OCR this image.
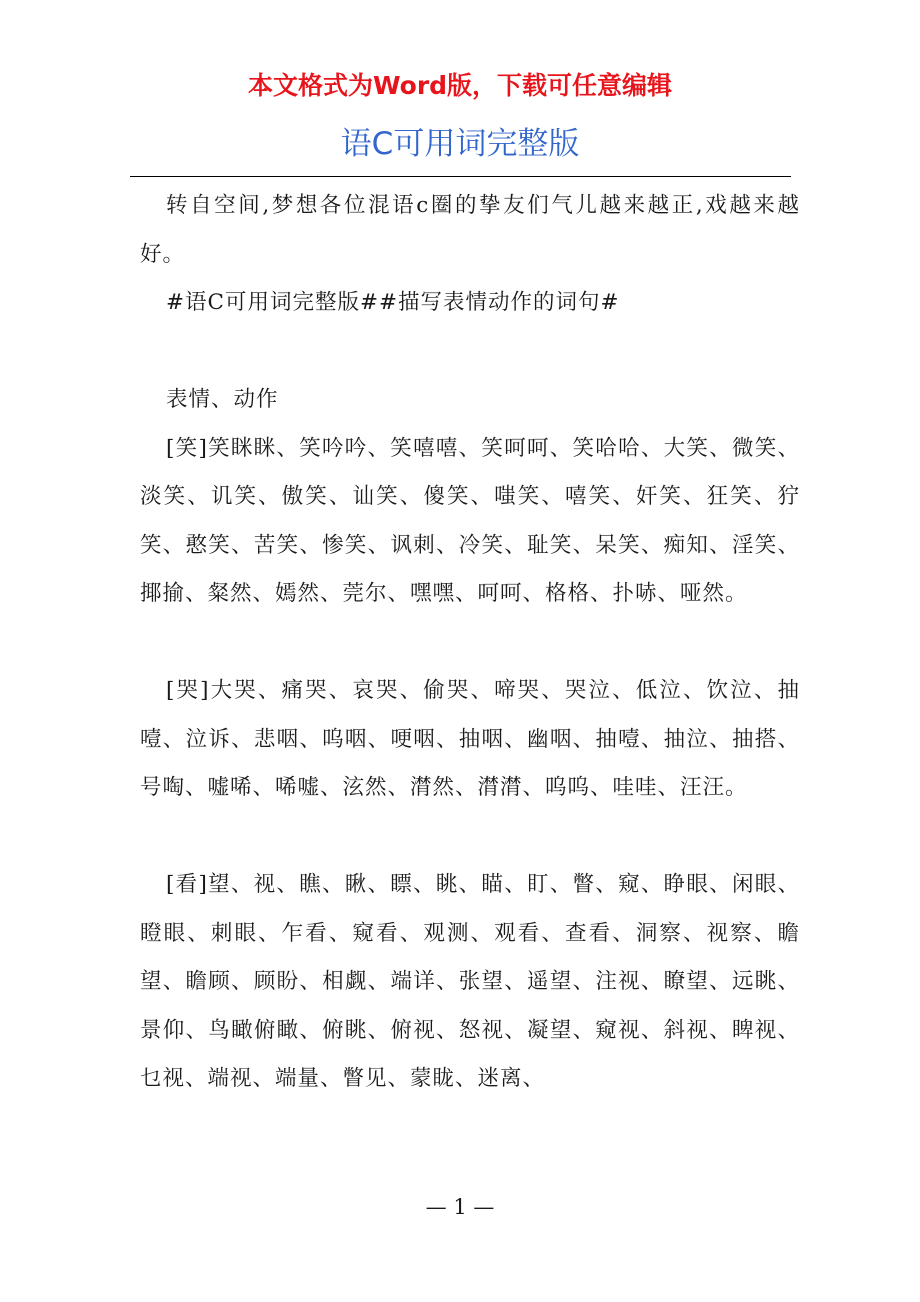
本文格式为Word版，下载可任意编辑
语C可用词完整版

转自空间,梦想各位混语c圈的挚友们气儿越来越正,戏越来越好。

#语C可用词完整版##描写表情动作的词句#

表情、动作

[笑]笑眯眯、笑吟吟、笑嘻嘻、笑呵呵、笑哈哈、大笑、微笑、淡笑、讥笑、傲笑、讪笑、傻笑、嗤笑、嘻笑、奸笑、狂笑、狞笑、憨笑、苦笑、惨笑、讽刺、冷笑、耻笑、呆笑、痴知、淫笑、揶揄、粲然、嫣然、莞尔、嘿嘿、呵呵、格格、扑哧、哑然。

[哭]大哭、痛哭、哀哭、偷哭、啼哭、哭泣、低泣、饮泣、抽噎、泣诉、悲咽、呜咽、哽咽、抽咽、幽咽、抽噎、抽泣、抽搭、号啕、嘘唏、唏嘘、泫然、潸然、潸潸、呜呜、哇哇、汪汪。

[看]望、视、瞧、瞅、瞟、眺、瞄、盯、瞥、窥、睁眼、闲眼、瞪眼、刺眼、乍看、窥看、观测、观看、查看、洞察、视察、瞻望、瞻顾、顾盼、相觑、端详、张望、遥望、注视、瞭望、远眺、景仰、鸟瞰俯瞰、俯眺、俯视、怒视、凝望、窥视、斜视、睥视、乜视、端视、端量、瞥见、蒙眬、迷离、

— 1 —
